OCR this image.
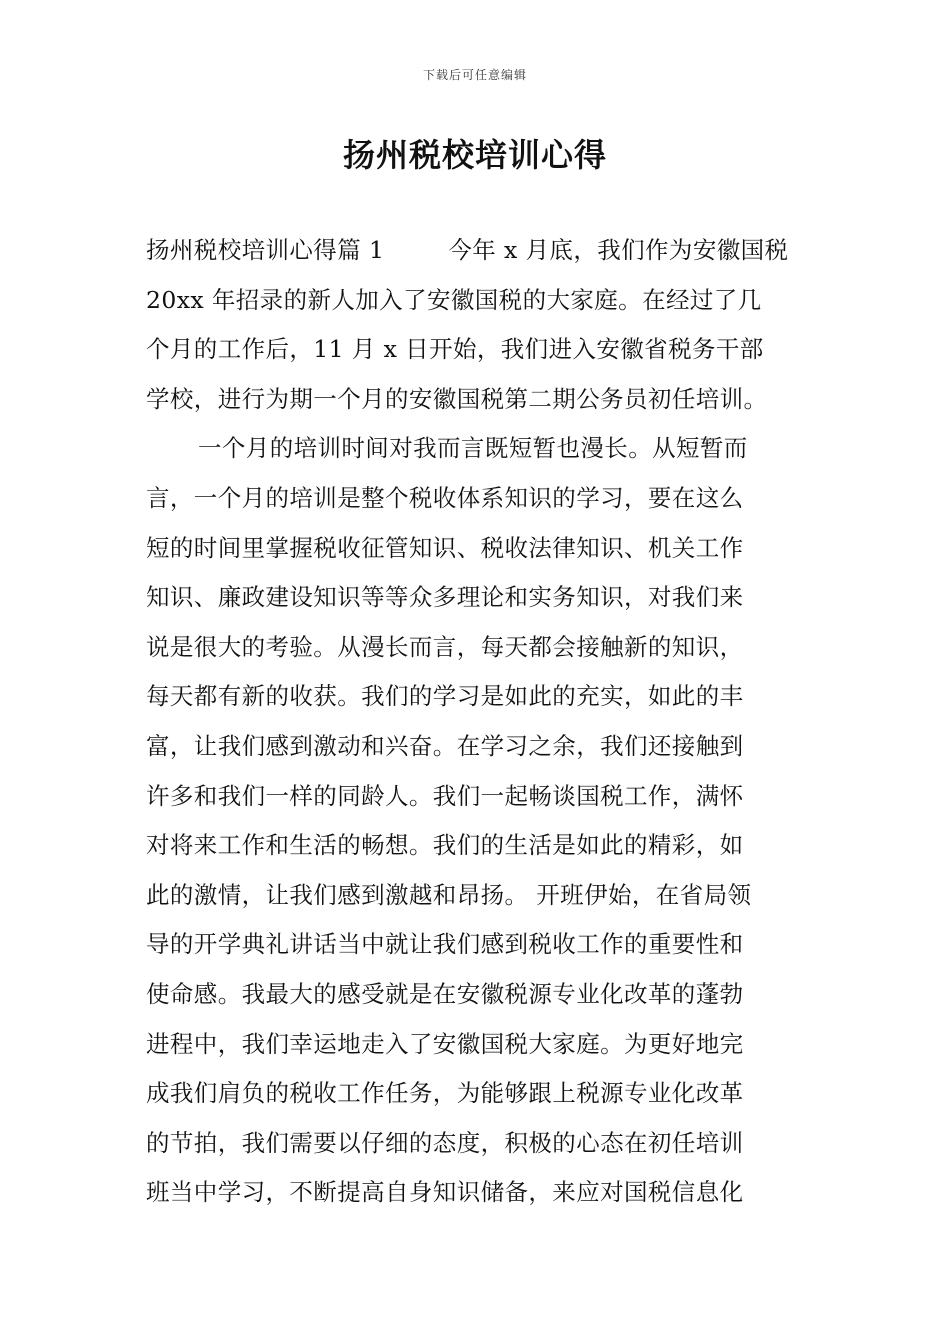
下载后可任意编辑
扬州税校培训心得
扬州税校培训心得篇 1	今年 x 月底，我们作为安徽国税
20xx 年招录的新人加入了安徽国税的大家庭。在经过了几
个月的工作后，11 月 x 日开始，我们进入安徽省税务干部
学校，进行为期一个月的安徽国税第二期公务员初任培训。
一个月的培训时间对我而言既短暂也漫长。从短暂而
言，一个月的培训是整个税收体系知识的学习，要在这么
短的时间里掌握税收征管知识、税收法律知识、机关工作
知识、廉政建设知识等等众多理论和实务知识，对我们来
说是很大的考验。从漫长而言，每天都会接触新的知识，
每天都有新的收获。我们的学习是如此的充实，如此的丰
富，让我们感到激动和兴奋。在学习之余，我们还接触到
许多和我们一样的同龄人。我们一起畅谈国税工作，满怀
对将来工作和生活的畅想。我们的生活是如此的精彩，如
此的激情，让我们感到激越和昂扬。 开班伊始，在省局领
导的开学典礼讲话当中就让我们感到税收工作的重要性和
使命感。我最大的感受就是在安徽税源专业化改革的蓬勃
进程中，我们幸运地走入了安徽国税大家庭。为更好地完
成我们肩负的税收工作任务，为能够跟上税源专业化改革
的节拍，我们需要以仔细的态度，积极的心态在初任培训
班当中学习，不断提高自身知识储备，来应对国税信息化
